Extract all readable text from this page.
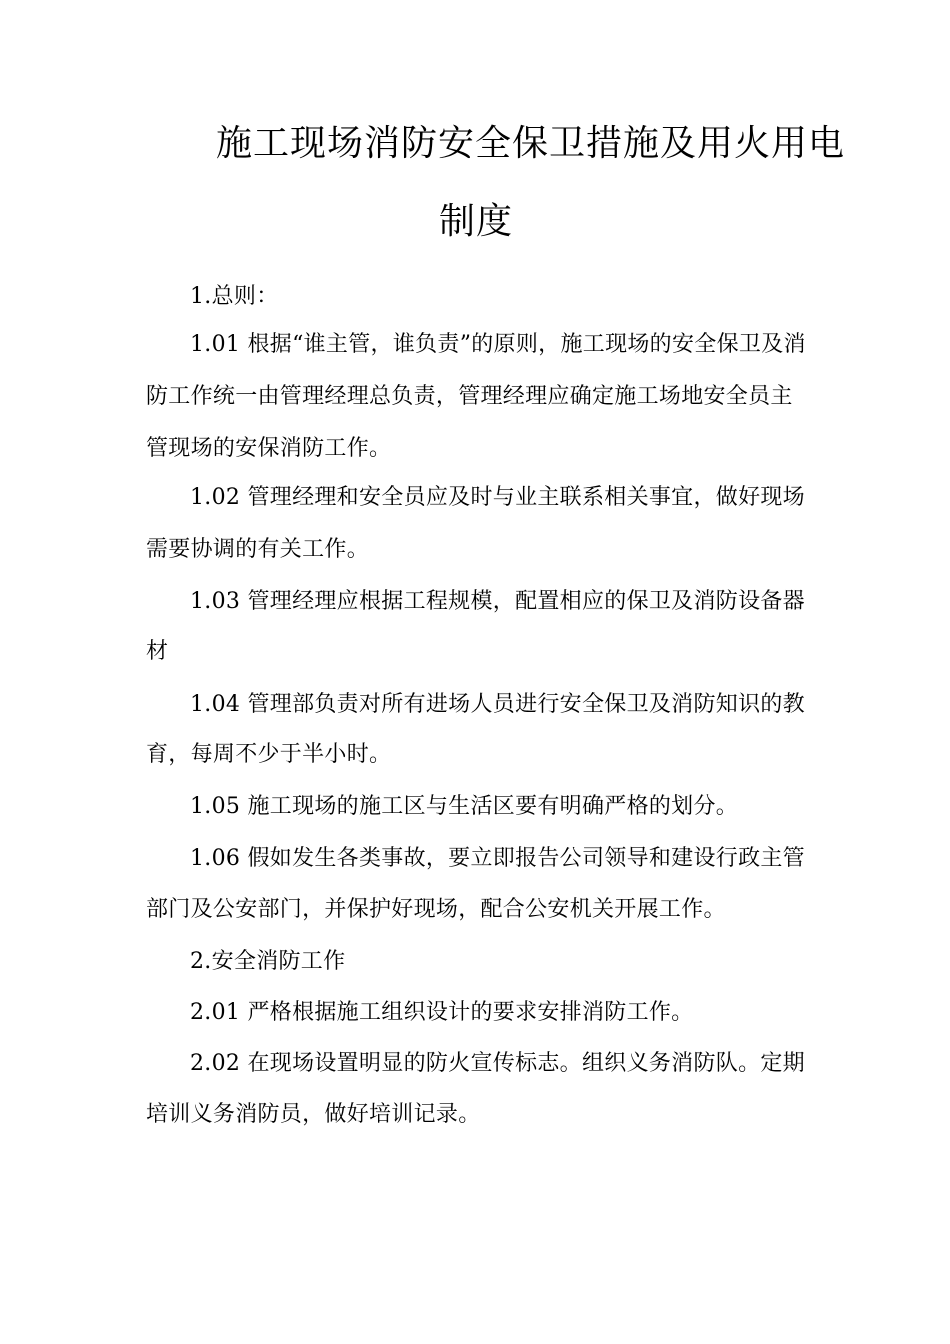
施工现场消防安全保卫措施及用火用电
制度
1.总则：
1.01 根据“谁主管，谁负责”的原则，施工现场的安全保卫及消
防工作统一由管理经理总负责，管理经理应确定施工场地安全员主
管现场的安保消防工作。
1.02 管理经理和安全员应及时与业主联系相关事宜，做好现场
需要协调的有关工作。
1.03 管理经理应根据工程规模，配置相应的保卫及消防设备器
材
1.04 管理部负责对所有进场人员进行安全保卫及消防知识的教
育，每周不少于半小时。
1.05 施工现场的施工区与生活区要有明确严格的划分。
1.06 假如发生各类事故，要立即报告公司领导和建设行政主管
部门及公安部门，并保护好现场，配合公安机关开展工作。
2.安全消防工作
2.01 严格根据施工组织设计的要求安排消防工作。
2.02 在现场设置明显的防火宣传标志。组织义务消防队。定期
培训义务消防员，做好培训记录。
